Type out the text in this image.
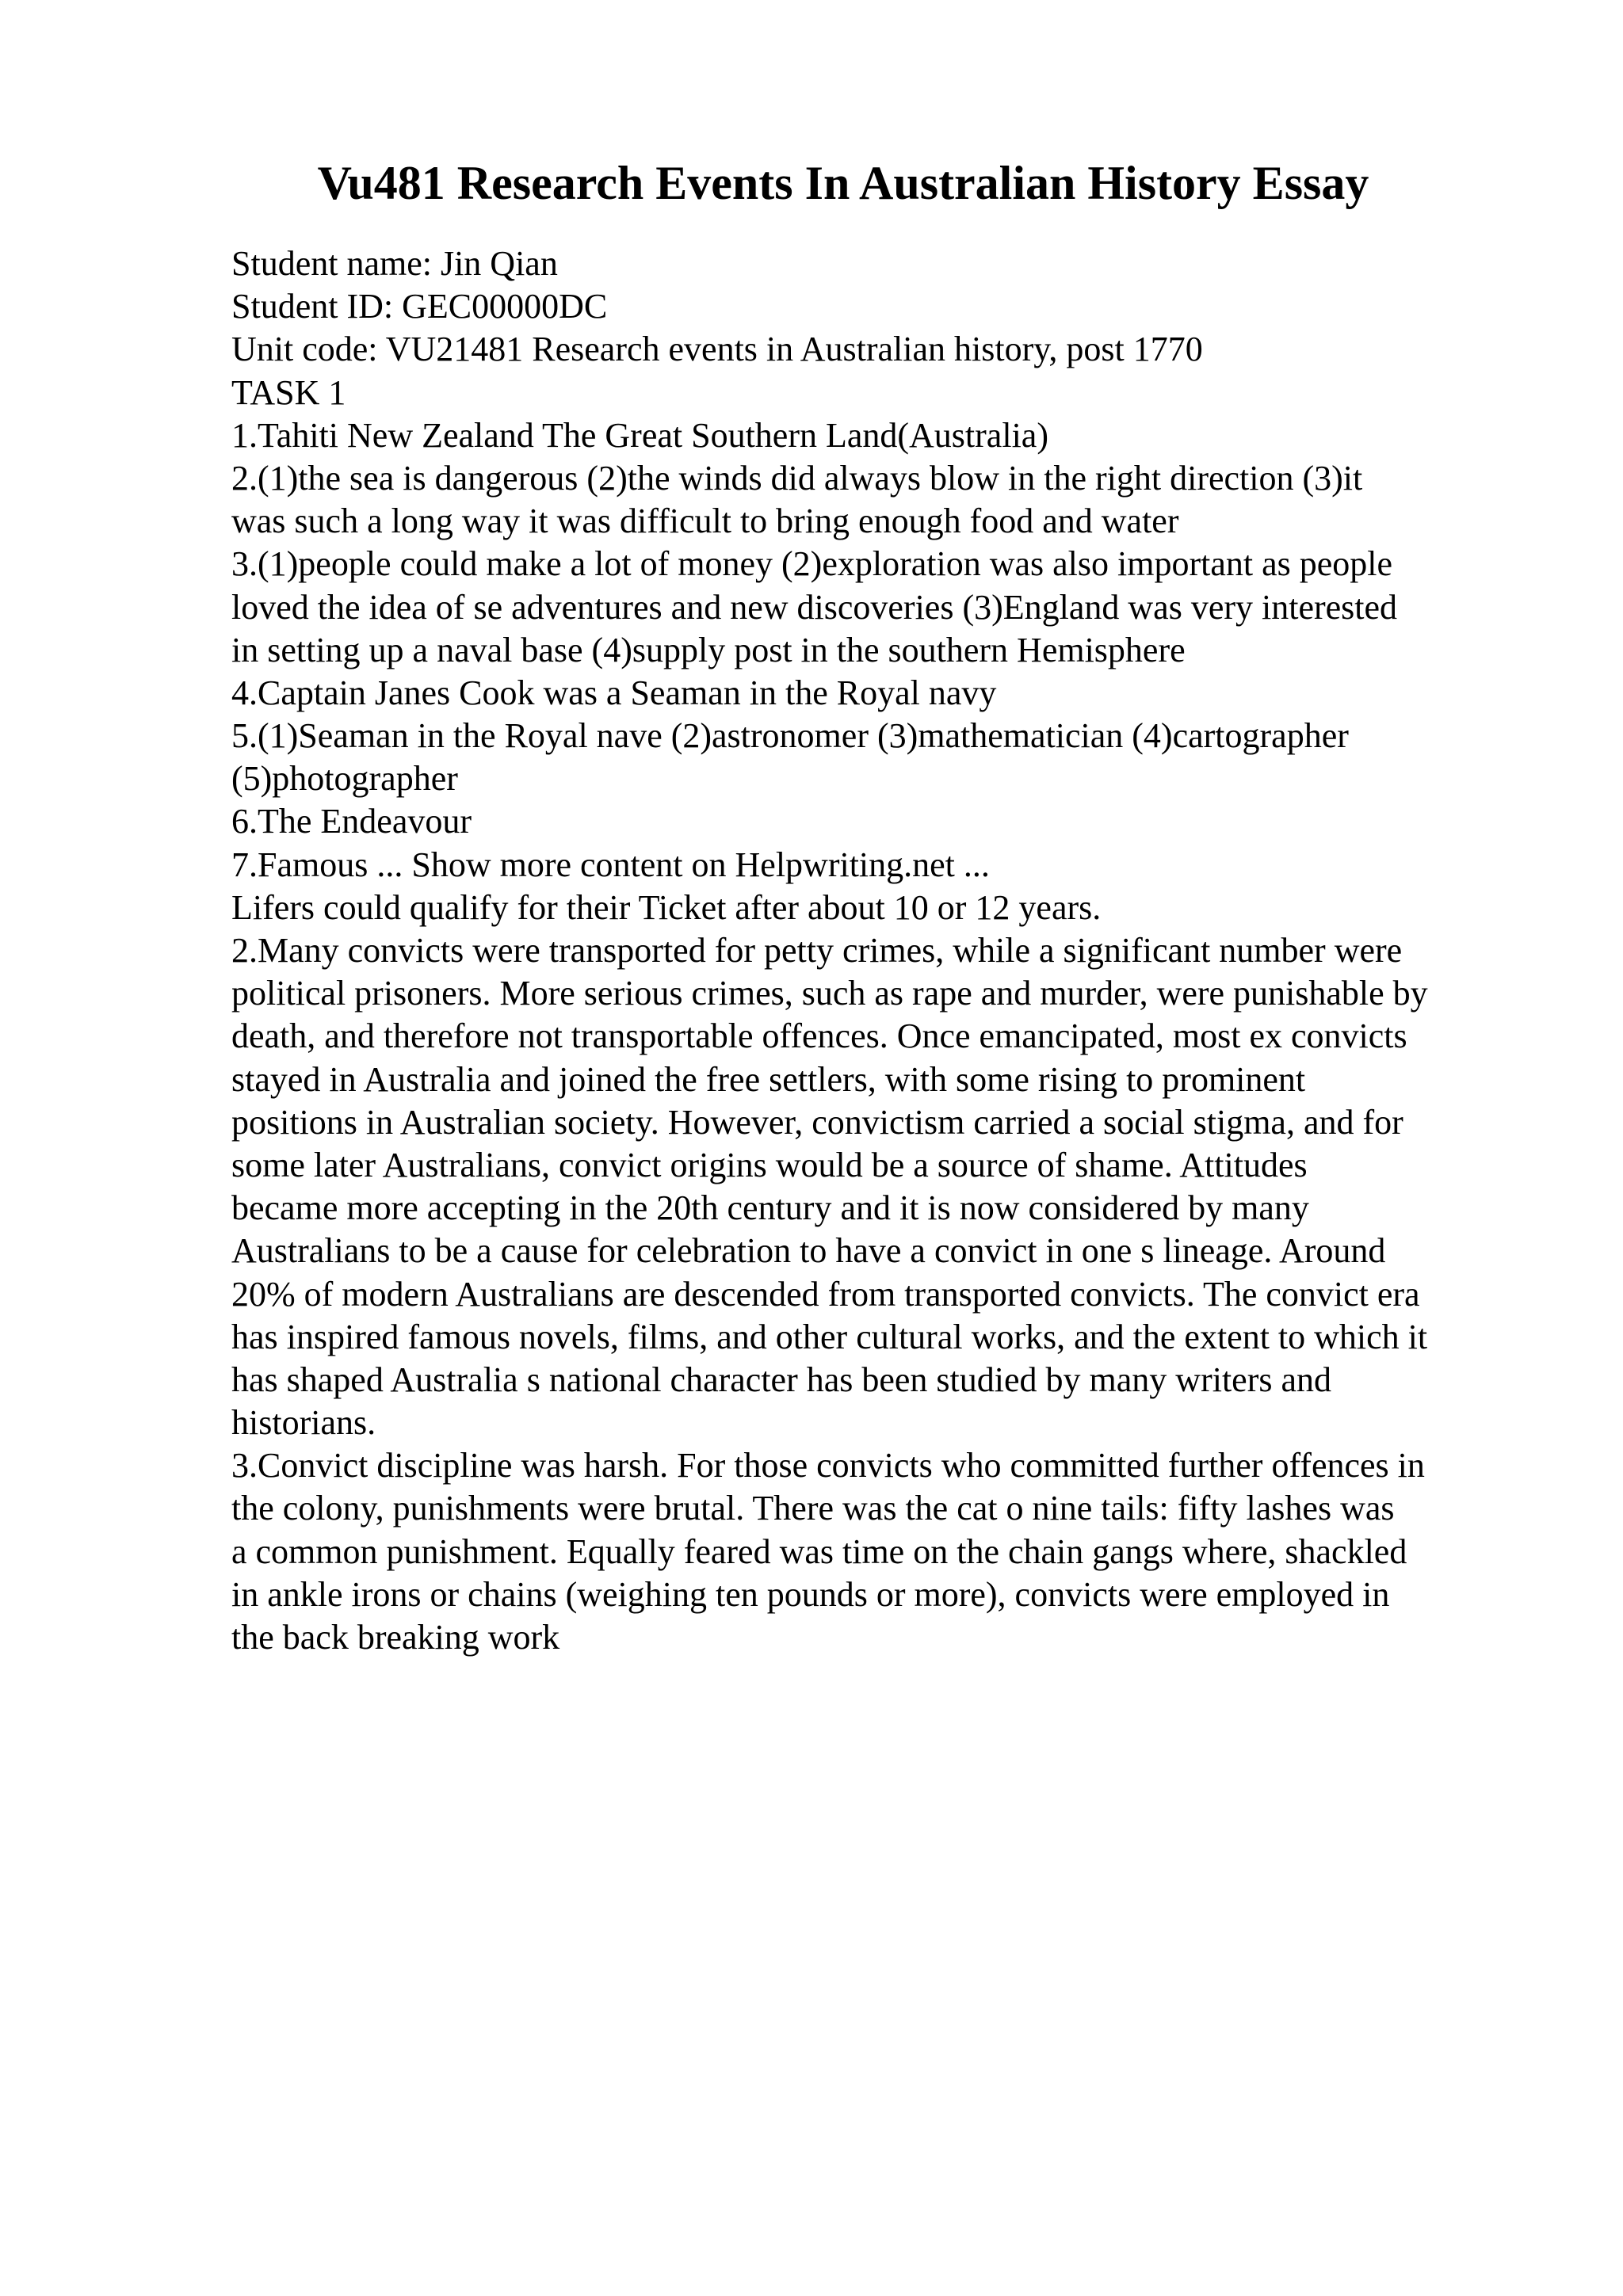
Vu481 Research Events In Australian History Essay
Student name: Jin Qian
Student ID: GEC00000DC
Unit code: VU21481 Research events in Australian history, post 1770
TASK 1
1.Tahiti New Zealand The Great Southern Land(Australia)
2.(1)the sea is dangerous (2)the winds did always blow in the right direction (3)it
was such a long way it was difficult to bring enough food and water
3.(1)people could make a lot of money (2)exploration was also important as people
loved the idea of se adventures and new discoveries (3)England was very interested
in setting up a naval base (4)supply post in the southern Hemisphere
4.Captain Janes Cook was a Seaman in the Royal navy
5.(1)Seaman in the Royal nave (2)astronomer (3)mathematician (4)cartographer
(5)photographer
6.The Endeavour
7.Famous ... Show more content on Helpwriting.net ...
Lifers could qualify for their Ticket after about 10 or 12 years.
2.Many convicts were transported for petty crimes, while a significant number were
political prisoners. More serious crimes, such as rape and murder, were punishable by
death, and therefore not transportable offences. Once emancipated, most ex convicts
stayed in Australia and joined the free settlers, with some rising to prominent
positions in Australian society. However, convictism carried a social stigma, and for
some later Australians, convict origins would be a source of shame. Attitudes
became more accepting in the 20th century and it is now considered by many
Australians to be a cause for celebration to have a convict in one s lineage. Around
20% of modern Australians are descended from transported convicts. The convict era
has inspired famous novels, films, and other cultural works, and the extent to which it
has shaped Australia s national character has been studied by many writers and
historians.
3.Convict discipline was harsh. For those convicts who committed further offences in
the colony, punishments were brutal. There was the cat o nine tails: fifty lashes was
a common punishment. Equally feared was time on the chain gangs where, shackled
in ankle irons or chains (weighing ten pounds or more), convicts were employed in
the back breaking work
